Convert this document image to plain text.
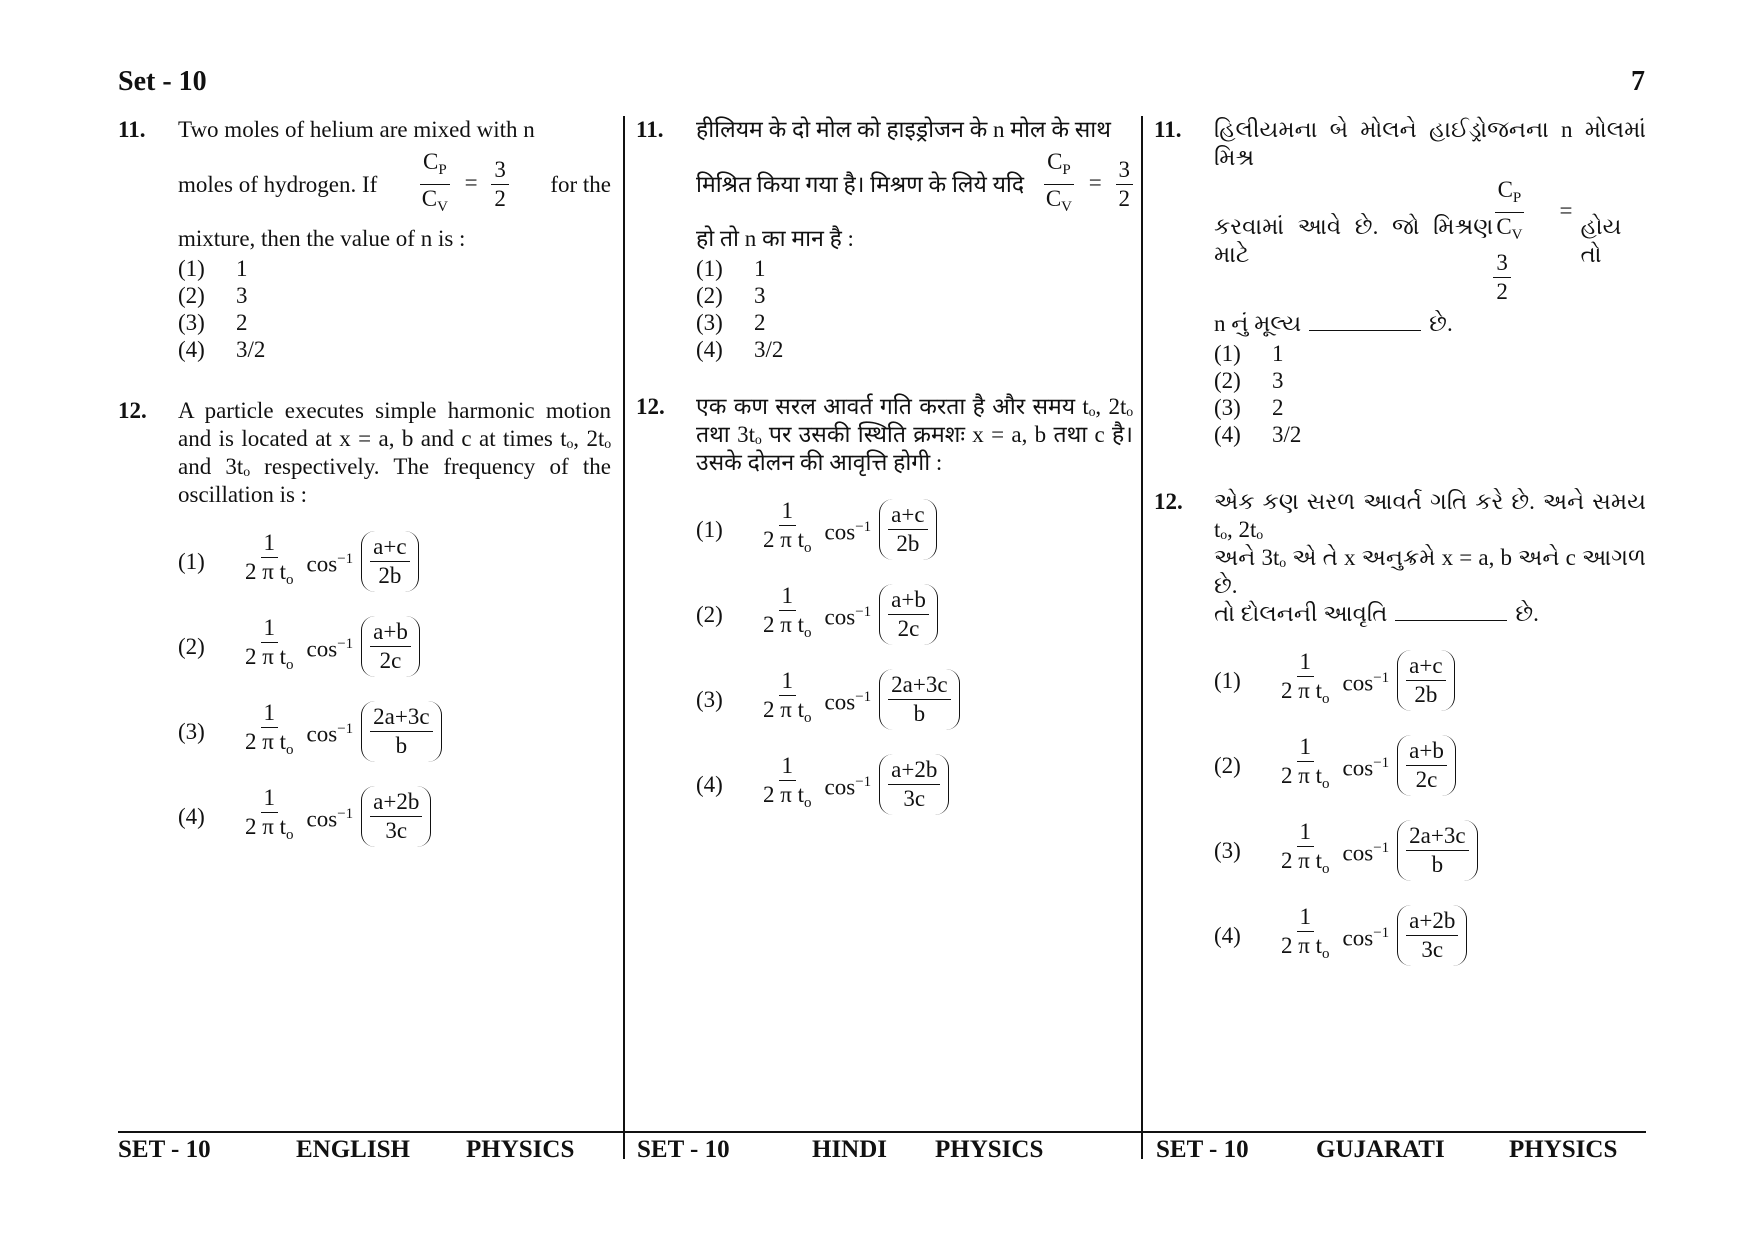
Set - 10	7
11. Two moles of helium are mixed with n
moles of hydrogen. If $\frac{C_P}{C_V} = \frac{3}{2}$ for the
mixture, then the value of n is :
(1)	1
(2)	3
(3)	2
(4)	3/2
12. A particle executes simple harmonic motion and is located at x = a, b and c at times tₒ, 2tₒ and 3tₒ respectively. The frequency of the oscillation is :
(1)	$\frac{1}{2 \pi t_o} \cos^{-1} \frac{a+c}{2b}$
(2)	$\frac{1}{2 \pi t_o} \cos^{-1} \frac{a+b}{2c}$
(3)	$\frac{1}{2 \pi t_o} \cos^{-1} \frac{2a+3c}{b}$
(4)	$\frac{1}{2 \pi t_o} \cos^{-1} \frac{a+2b}{3c}$
11. हीलियम के दो मोल को हाइड्रोजन के n मोल के साथ
मिश्रित किया गया है। मिश्रण के लिये यदि $\frac{C_P}{C_V} = \frac{3}{2}$
हो तो n का मान है :
(1)	1
(2)	3
(3)	2
(4)	3/2
12. एक कण सरल आवर्त गति करता है और समय tₒ, 2tₒ तथा 3tₒ पर उसकी स्थिति क्रमशः x = a, b तथा c है। उसके दोलन की आवृत्ति होगी :
(1)	$\frac{1}{2 \pi t_o} \cos^{-1} \frac{a+c}{2b}$
(2)	$\frac{1}{2 \pi t_o} \cos^{-1} \frac{a+b}{2c}$
(3)	$\frac{1}{2 \pi t_o} \cos^{-1} \frac{2a+3c}{b}$
(4)	$\frac{1}{2 \pi t_o} \cos^{-1} \frac{a+2b}{3c}$
11. હિલીયમના બે મોલને હાઈડ્રોજનના n મોલમાં મિશ્ર
કરવામાં આવે છે. જો મિશ્રણ માટે
$\frac{C_P}{C_V}$ =
$\frac{3}{2}$
હોય તો
n નું મૂલ્ય	છે.
(1)	1
(2)	3
(3)	2
(4)	3/2
12. એક કણ સરળ આવર્ત ગતિ કરે છે. અને સમય tₒ, 2tₒ
અને 3tₒ એ તે x અનુક્રમે x = a, b અને c આગળ છે.
તો દોલનની આવૃતિ	છે.
(1)	$\frac{1}{2 \pi t_o} \cos^{-1} \frac{a+c}{2b}$
(2)	$\frac{1}{2 \pi t_o} \cos^{-1} \frac{a+b}{2c}$
(3)	$\frac{1}{2 \pi t_o} \cos^{-1} \frac{2a+3c}{b}$
(4)	$\frac{1}{2 \pi t_o} \cos^{-1} \frac{a+2b}{3c}$
SET - 10	ENGLISH PHYSICS	SET - 10	HINDI PHYSICS	SET - 10	GUJARATI	PHYSICS
